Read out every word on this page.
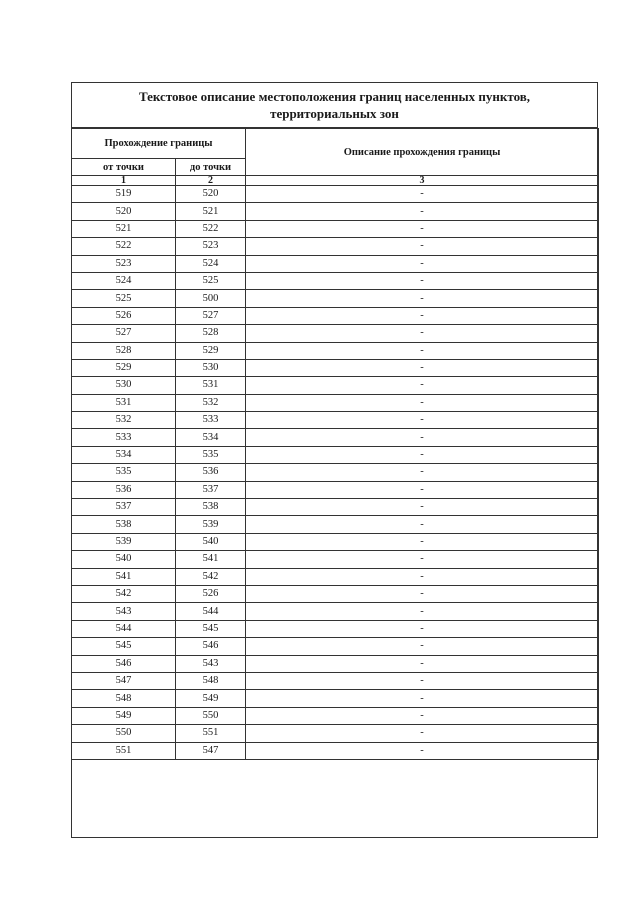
Текстовое описание местоположения границ населенных пунктов,
территориальных зон
Прохождение границы		Описание прохождения границы
от точки	до точки	
1	2	3
519	520	-
520	521	-
521	522	-
522	523	-
523	524	-
524	525	-
525	500	-
526	527	-
527	528	-
528	529	-
529	530	-
530	531	-
531	532	-
532	533	-
533	534	-
534	535	-
535	536	-
536	537	-
537	538	-
538	539	-
539	540	-
540	541	-
541	542	-
542	526	-
543	544	-
544	545	-
545	546	-
546	543	-
547	548	-
548	549	-
549	550	-
550	551	-
551	547	-
